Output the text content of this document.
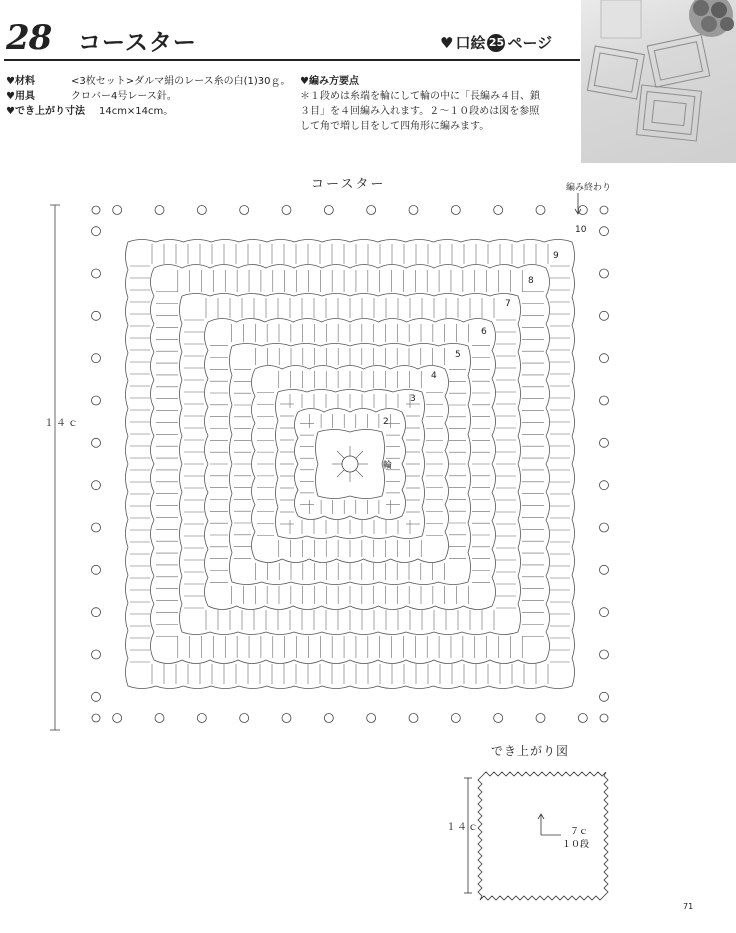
28 コースター	♥ 口絵 25 ページ
♥材料	<3枚セット>ダルマ絹のレース糸の白(1)30ｇ。
♥用具	クロバー4号レース針。
♥でき上がり寸法 14cm×14cm。
♥編み方要点
＊１段めは糸端を輪にして輪の中に「長編み４目、鎖
３目」を４回編み入れます。２〜１０段めは図を参照
して角で増し目をして四角形に編みます。
コースター	編み終わり
１４ｃ
輪
2
3
4
5
6
7
8
9
10
７ｃ
１０段
でき上がり図
１４ｃ
71
